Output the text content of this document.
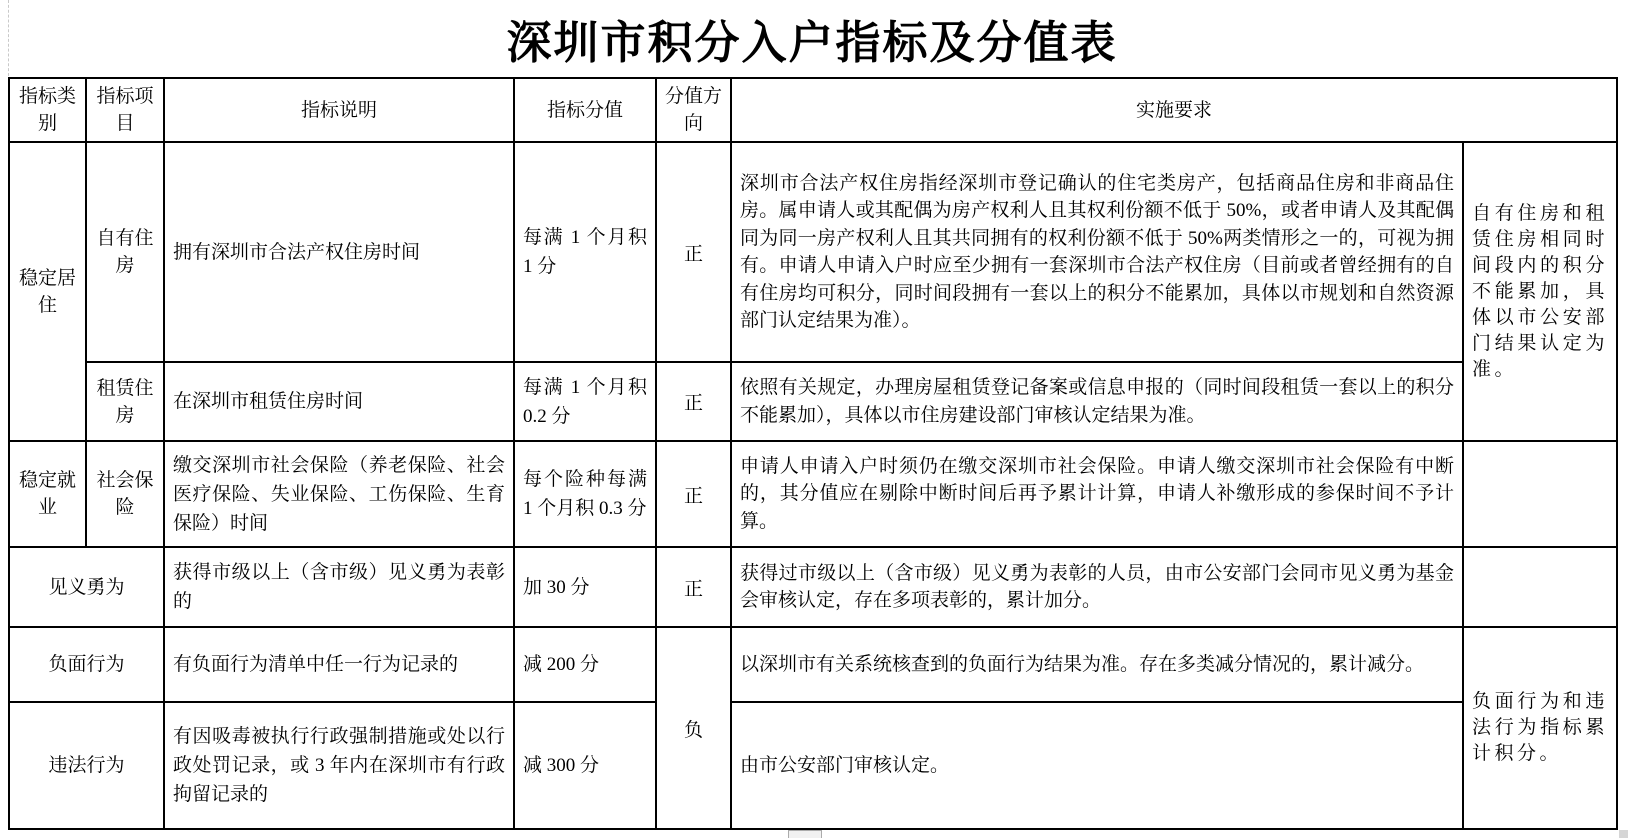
深圳市积分入户指标及分值表
指标类别	指标项目	指标说明	指标分值	分值方向	实施要求	
稳定居住	自有住房	拥有深圳市合法产权住房时间	每满 1 个月积 1 分	正	深圳市合法产权住房指经深圳市登记确认的住宅类房产，包括商品住房和非商品住房。属申请人或其配偶为房产权利人且其权利份额不低于 50%，或者申请人及其配偶同为同一房产权利人且其共同拥有的权利份额不低于 50%两类情形之一的，可视为拥有。申请人申请入户时应至少拥有一套深圳市合法产权住房（目前或者曾经拥有的自有住房均可积分，同时间段拥有一套以上的积分不能累加，具体以市规划和自然资源部门认定结果为准）。	自有住房和租赁住房相同时间段内的积分不能累加，具体以市公安部门结果认定为准。
	租赁住房	在深圳市租赁住房时间	每满 1 个月积 0.2 分	正	依照有关规定，办理房屋租赁登记备案或信息申报的（同时间段租赁一套以上的积分不能累加），具体以市住房建设部门审核认定结果为准。	
稳定就业	社会保险	缴交深圳市社会保险（养老保险、社会医疗保险、失业保险、工伤保险、生育保险）时间	每个险种每满 1 个月积 0.3 分	正	申请人申请入户时须仍在缴交深圳市社会保险。申请人缴交深圳市社会保险有中断的，其分值应在剔除中断时间后再予累计计算，申请人补缴形成的参保时间不予计算。	
见义勇为		获得市级以上（含市级）见义勇为表彰的	加 30 分	正	获得过市级以上（含市级）见义勇为表彰的人员，由市公安部门会同市见义勇为基金会审核认定，存在多项表彰的，累计加分。	
负面行为		有负面行为清单中任一行为记录的	减 200 分	负	以深圳市有关系统核查到的负面行为结果为准。存在多类减分情况的，累计减分。	负面行为和违法行为指标累计积分。
违法行为		有因吸毒被执行行政强制措施或处以行政处罚记录，或 3 年内在深圳市有行政拘留记录的	减 300 分		由市公安部门审核认定。	
